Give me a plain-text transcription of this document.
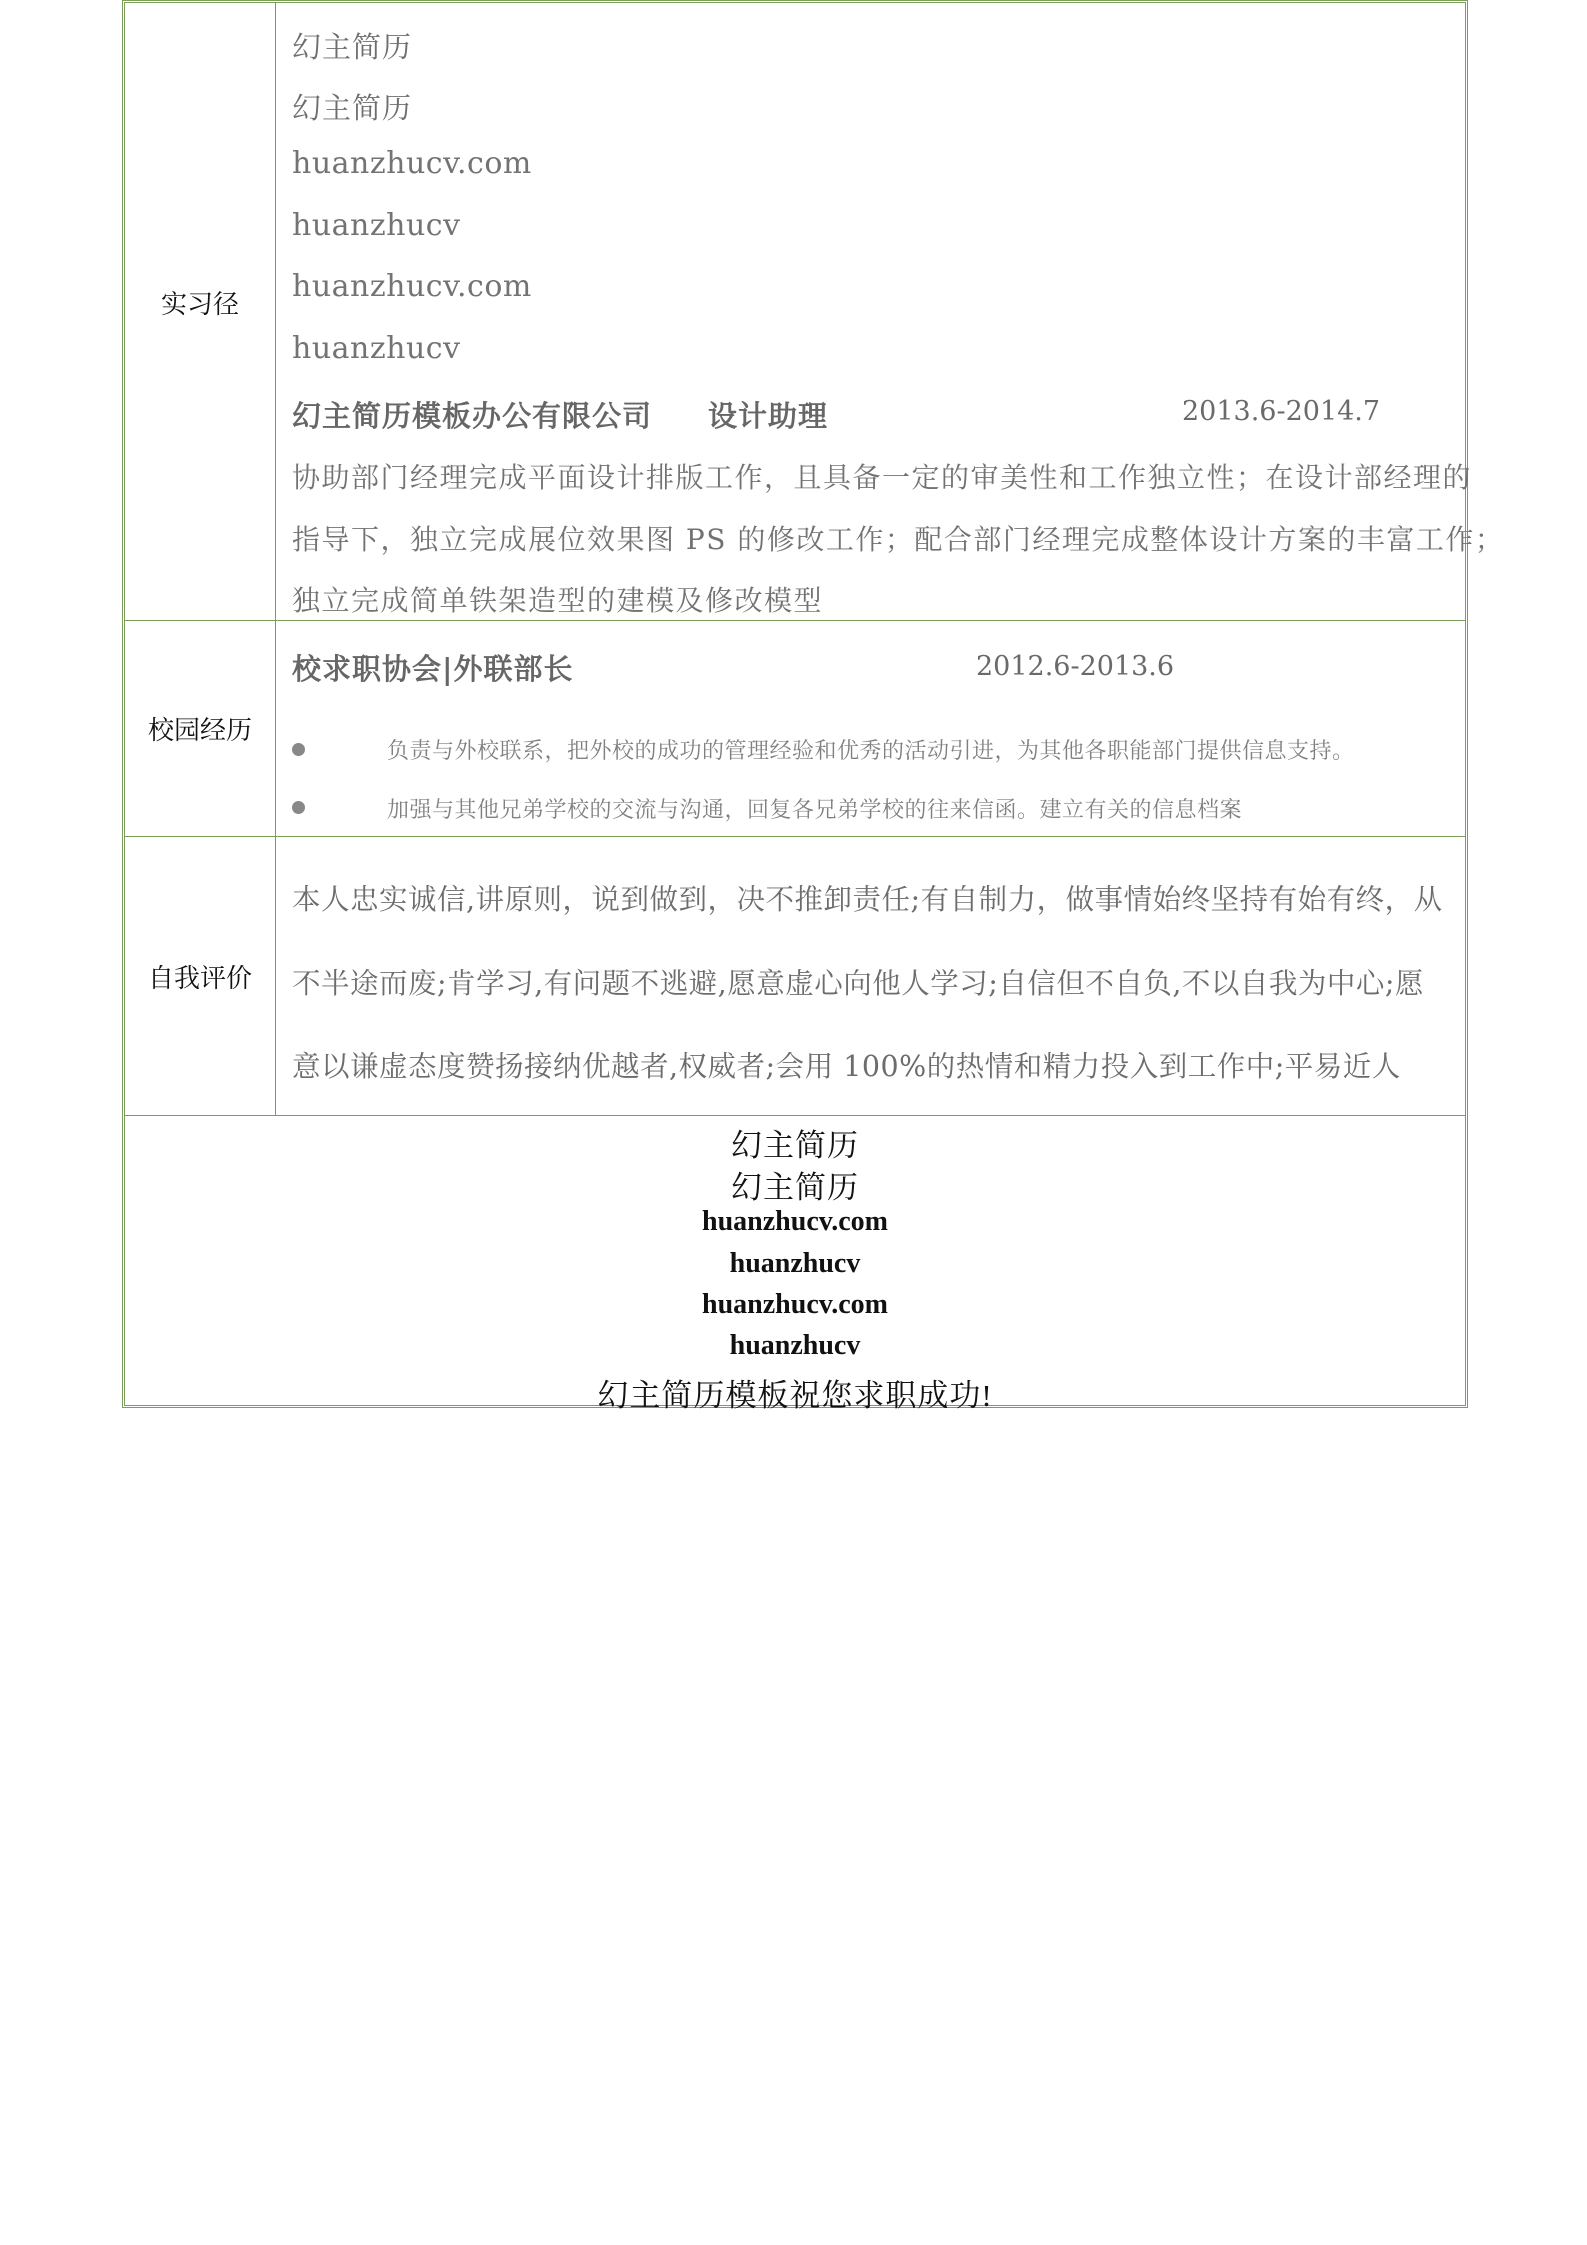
实习径
幻主简历
幻主简历
huanzhucv.com
huanzhucv
huanzhucv.com
huanzhucv
幻主简历模板办公有限公司 设计助理	2013.6-2014.7
协助部门经理完成平面设计排版工作，且具备一定的审美性和工作独立性；在设计部经理的
指导下，独立完成展位效果图 PS 的修改工作；配合部门经理完成整体设计方案的丰富工作；
独立完成简单铁架造型的建模及修改模型
校园经历
校求职协会|外联部长	2012.6-2013.6
负责与外校联系，把外校的成功的管理经验和优秀的活动引进，为其他各职能部门提供信息支持。
加强与其他兄弟学校的交流与沟通，回复各兄弟学校的往来信函。建立有关的信息档案
自我评价
本人忠实诚信,讲原则，说到做到，决不推卸责任;有自制力，做事情始终坚持有始有终，从
不半途而废;肯学习,有问题不逃避,愿意虚心向他人学习;自信但不自负,不以自我为中心;愿
意以谦虚态度赞扬接纳优越者,权威者;会用 100%的热情和精力投入到工作中;平易近人
幻主简历
幻主简历
huanzhucv.com
huanzhucv
huanzhucv.com
huanzhucv
幻主简历模板祝您求职成功!
